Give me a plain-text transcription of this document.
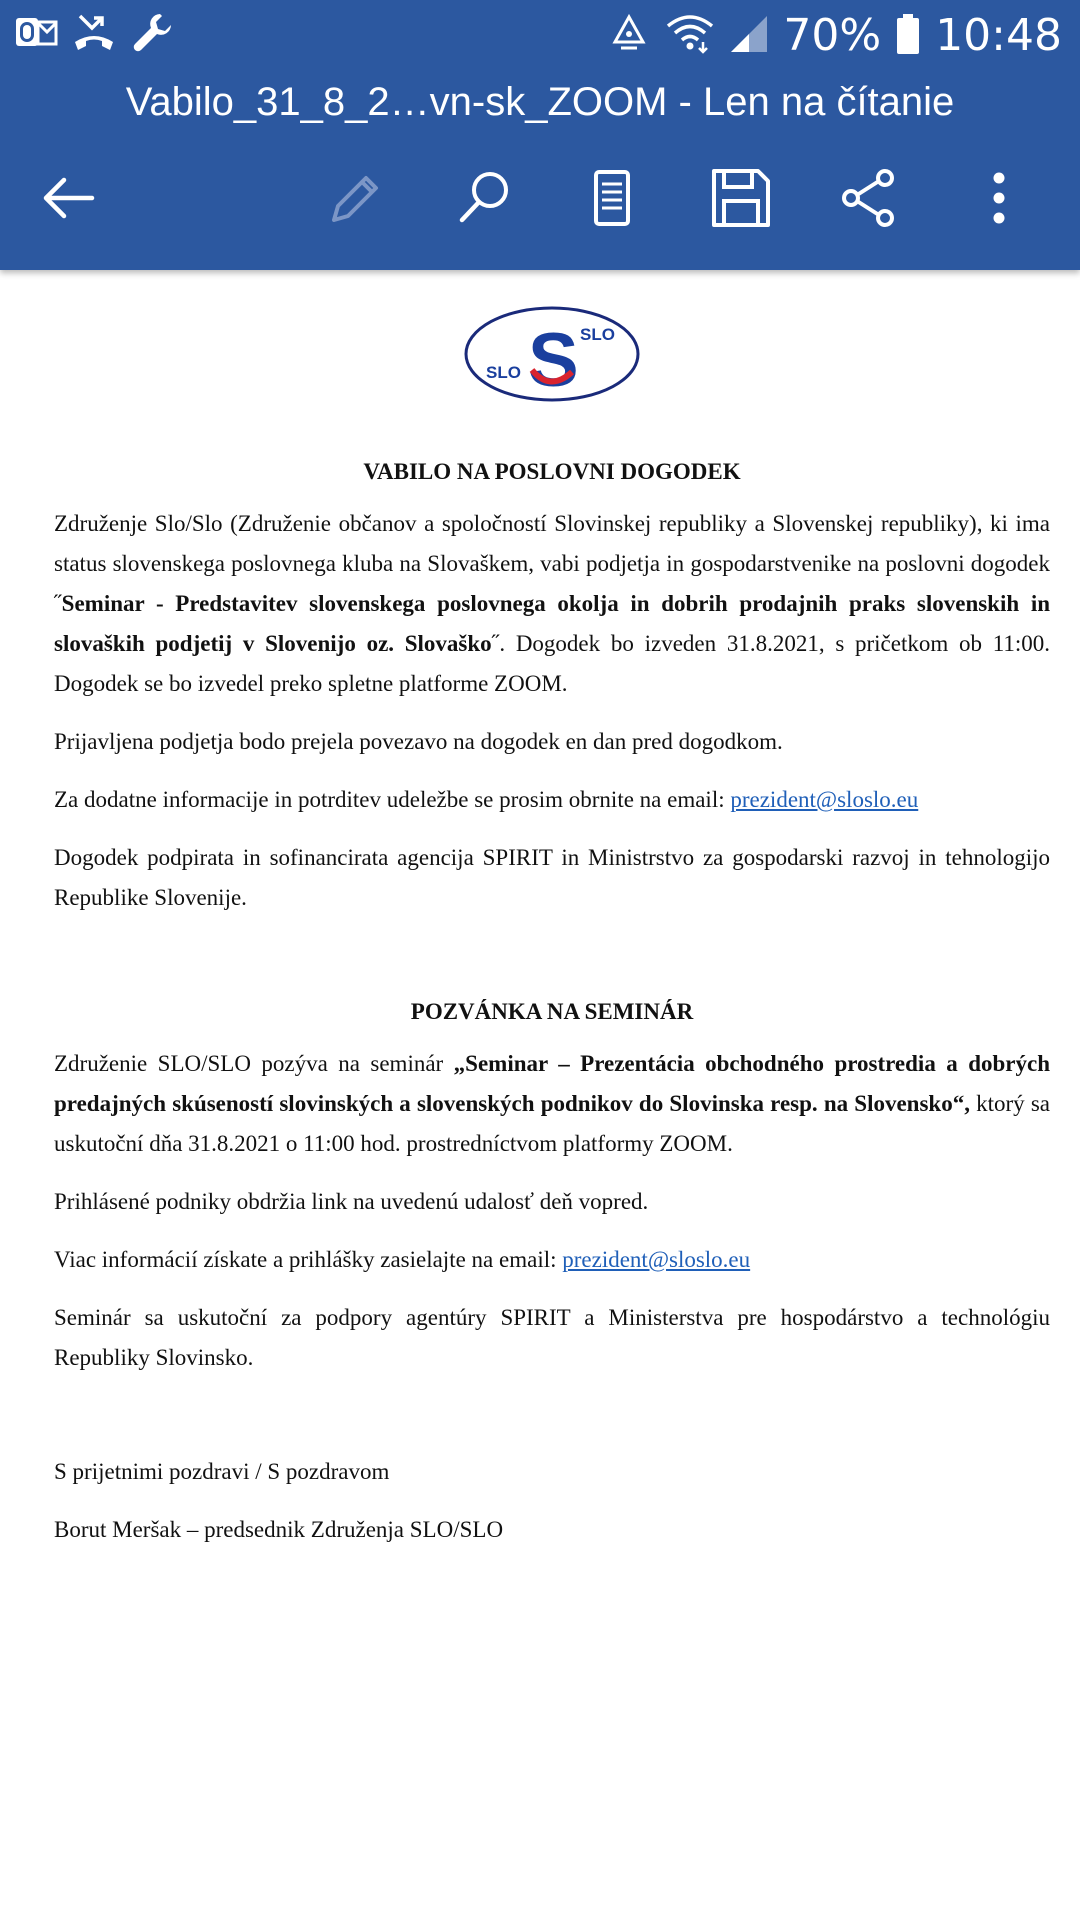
70% 10:48
Vabilo_31_8_2…vn-sk_ZOOM - Len na čítanie
SLO
SLO S
VABILO NA POSLOVNI DOGODEK

Združenje Slo/Slo (Združenie občanov a spoločností Slovinskej republiky a Slovenskej republiky), ki ima status slovenskega poslovnega kluba na Slovaškem, vabi podjetja in gospodarstvenike na poslovni dogodek ˝Seminar - Predstavitev slovenskega poslovnega okolja in dobrih prodajnih praks slovenskih in slovaških podjetij v Slovenijo oz. Slovaško˝. Dogodek bo izveden 31.8.2021, s pričetkom ob 11:00. Dogodek se bo izvedel preko spletne platforme ZOOM.

Prijavljena podjetja bodo prejela povezavo na dogodek en dan pred dogodkom.

Za dodatne informacije in potrditev udeležbe se prosim obrnite na email: prezident@sloslo.eu

Dogodek podpirata in sofinancirata agencija SPIRIT in Ministrstvo za gospodarski razvoj in tehnologijo Republike Slovenije.

POZVÁNKA NA SEMINÁR

Združenie SLO/SLO pozýva na seminár „Seminar – Prezentácia obchodného prostredia a dobrých predajných skúseností slovinských a slovenských podnikov do Slovinska resp. na Slovensko“, ktorý sa uskutoční dňa 31.8.2021 o 11:00 hod. prostredníctvom platformy ZOOM.

Prihlásené podniky obdržia link na uvedenú udalosť deň vopred.

Viac informácií získate a prihlášky zasielajte na email: prezident@sloslo.eu

Seminár sa uskutoční za podpory agentúry SPIRIT a Ministerstva pre hospodárstvo a technológiu Republiky Slovinsko.

S prijetnimi pozdravi / S pozdravom

Borut Meršak – predsednik Združenja SLO/SLO
